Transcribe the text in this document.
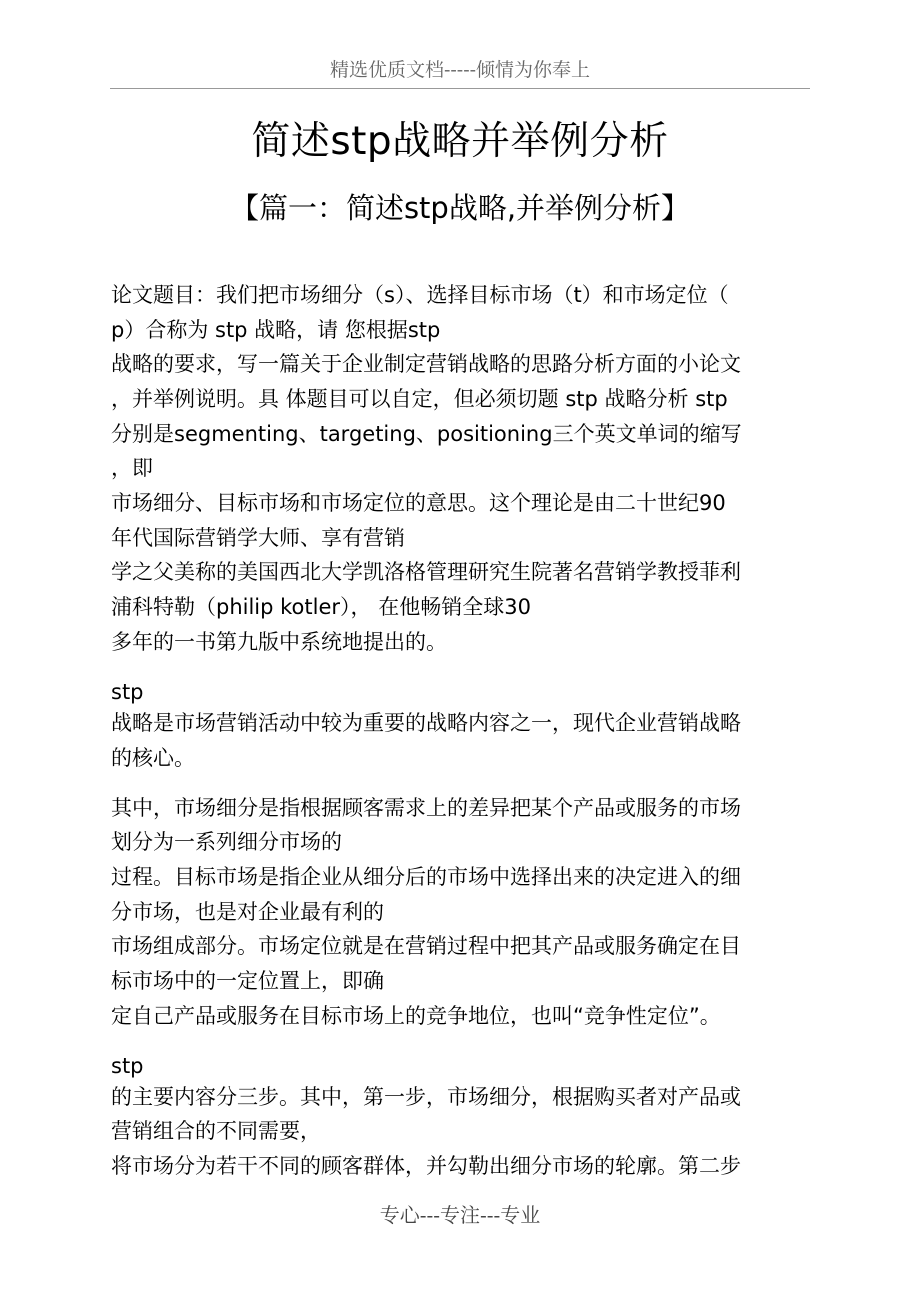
精选优质文档-----倾情为你奉上
简述stp战略并举例分析
【篇一：简述stp战略,并举例分析】
论文题目：我们把市场细分（s）、选择目标市场（t）和市场定位（
p）合称为 stp 战略，请 您根据stp
战略的要求，写一篇关于企业制定营销战略的思路分析方面的小论文
，并举例说明。具 体题目可以自定，但必须切题 stp 战略分析 stp
分别是segmenting、targeting、positioning三个英文单词的缩写
，即
市场细分、目标市场和市场定位的意思。这个理论是由二十世纪90
年代国际营销学大师、享有营销
学之父美称的美国西北大学凯洛格管理研究生院著名营销学教授菲利
浦科特勒（philip kotler）， 在他畅销全球30
多年的一书第九版中系统地提出的。
stp
战略是市场营销活动中较为重要的战略内容之一，现代企业营销战略
的核心。
其中，市场细分是指根据顾客需求上的差异把某个产品或服务的市场
划分为一系列细分市场的
过程。目标市场是指企业从细分后的市场中选择出来的决定进入的细
分市场，也是对企业最有利的
市场组成部分。市场定位就是在营销过程中把其产品或服务确定在目
标市场中的一定位置上，即确
定自己产品或服务在目标市场上的竞争地位，也叫“竞争性定位”。
stp
的主要内容分三步。其中，第一步，市场细分，根据购买者对产品或
营销组合的不同需要，
将市场分为若干不同的顾客群体，并勾勒出细分市场的轮廓。第二步
专心---专注---专业
